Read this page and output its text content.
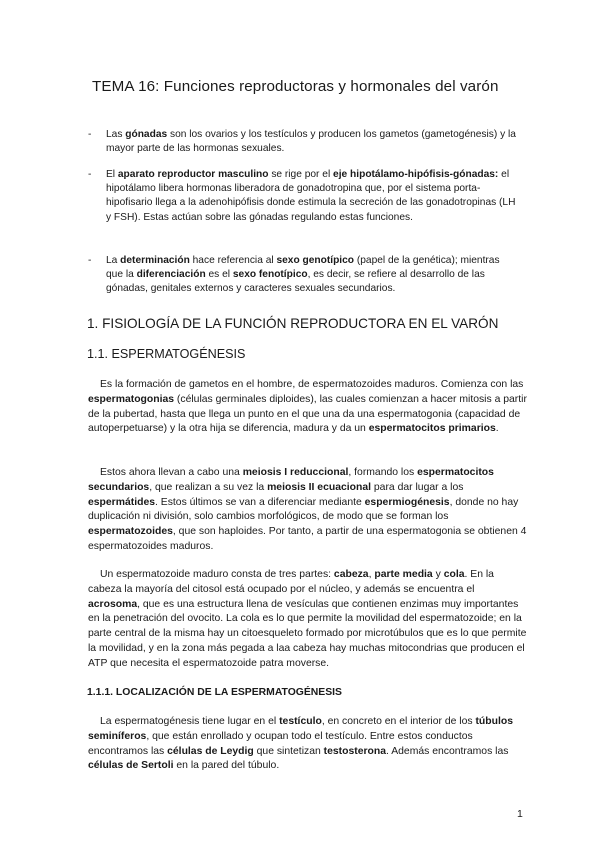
TEMA 16: Funciones reproductoras y hormonales del varón
- Las gónadas son los ovarios y los testículos y producen los gametos (gametogénesis) y la mayor parte de las hormonas sexuales.
- El aparato reproductor masculino se rige por el eje hipotálamo-hipófisis-gónadas: el hipotálamo libera hormonas liberadora de gonadotropina que, por el sistema porta-hipofisario llega a la adenohipófisis donde estimula la secreción de las gonadotropinas (LH y FSH). Estas actúan sobre las gónadas regulando estas funciones.
- La determinación hace referencia al sexo genotípico (papel de la genética); mientras que la diferenciación es el sexo fenotípico, es decir, se refiere al desarrollo de las gónadas, genitales externos y caracteres sexuales secundarios.
1. FISIOLOGÍA DE LA FUNCIÓN REPRODUCTORA EN EL VARÓN
1.1. ESPERMATOGÉNESIS
Es la formación de gametos en el hombre, de espermatozoides maduros. Comienza con las espermatogonias (células germinales diploides), las cuales comienzan a hacer mitosis a partir de la pubertad, hasta que llega un punto en el que una da una espermatogonia (capacidad de autoperpetuarse) y la otra hija se diferencia, madura y da un espermatocitos primarios.
Estos ahora llevan a cabo una meiosis I reduccional, formando los espermatocitos secundarios, que realizan a su vez la meiosis II ecuacional para dar lugar a los espermátides. Estos últimos se van a diferenciar mediante espermiogénesis, donde no hay duplicación ni división, solo cambios morfológicos, de modo que se forman los espermatozoides, que son haploides. Por tanto, a partir de una espermatogonia se obtienen 4 espermatozoides maduros.
Un espermatozoide maduro consta de tres partes: cabeza, parte media y cola. En la cabeza la mayoría del citosol está ocupado por el núcleo, y además se encuentra el acrosoma, que es una estructura llena de vesículas que contienen enzimas muy importantes en la penetración del ovocito. La cola es lo que permite la movilidad del espermatozoide; en la parte central de la misma hay un citoesqueleto formado por microtúbulos que es lo que permite la movilidad, y en la zona más pegada a laa cabeza hay muchas mitocondrias que producen el ATP que necesita el espermatozoide patra moverse.
1.1.1. LOCALIZACIÓN DE LA ESPERMATOGÉNESIS
La espermatogénesis tiene lugar en el testículo, en concreto en el interior de los túbulos seminíferos, que están enrollado y ocupan todo el testículo. Entre estos conductos encontramos las células de Leydig que sintetizan testosterona. Además encontramos las células de Sertoli en la pared del túbulo.
1
